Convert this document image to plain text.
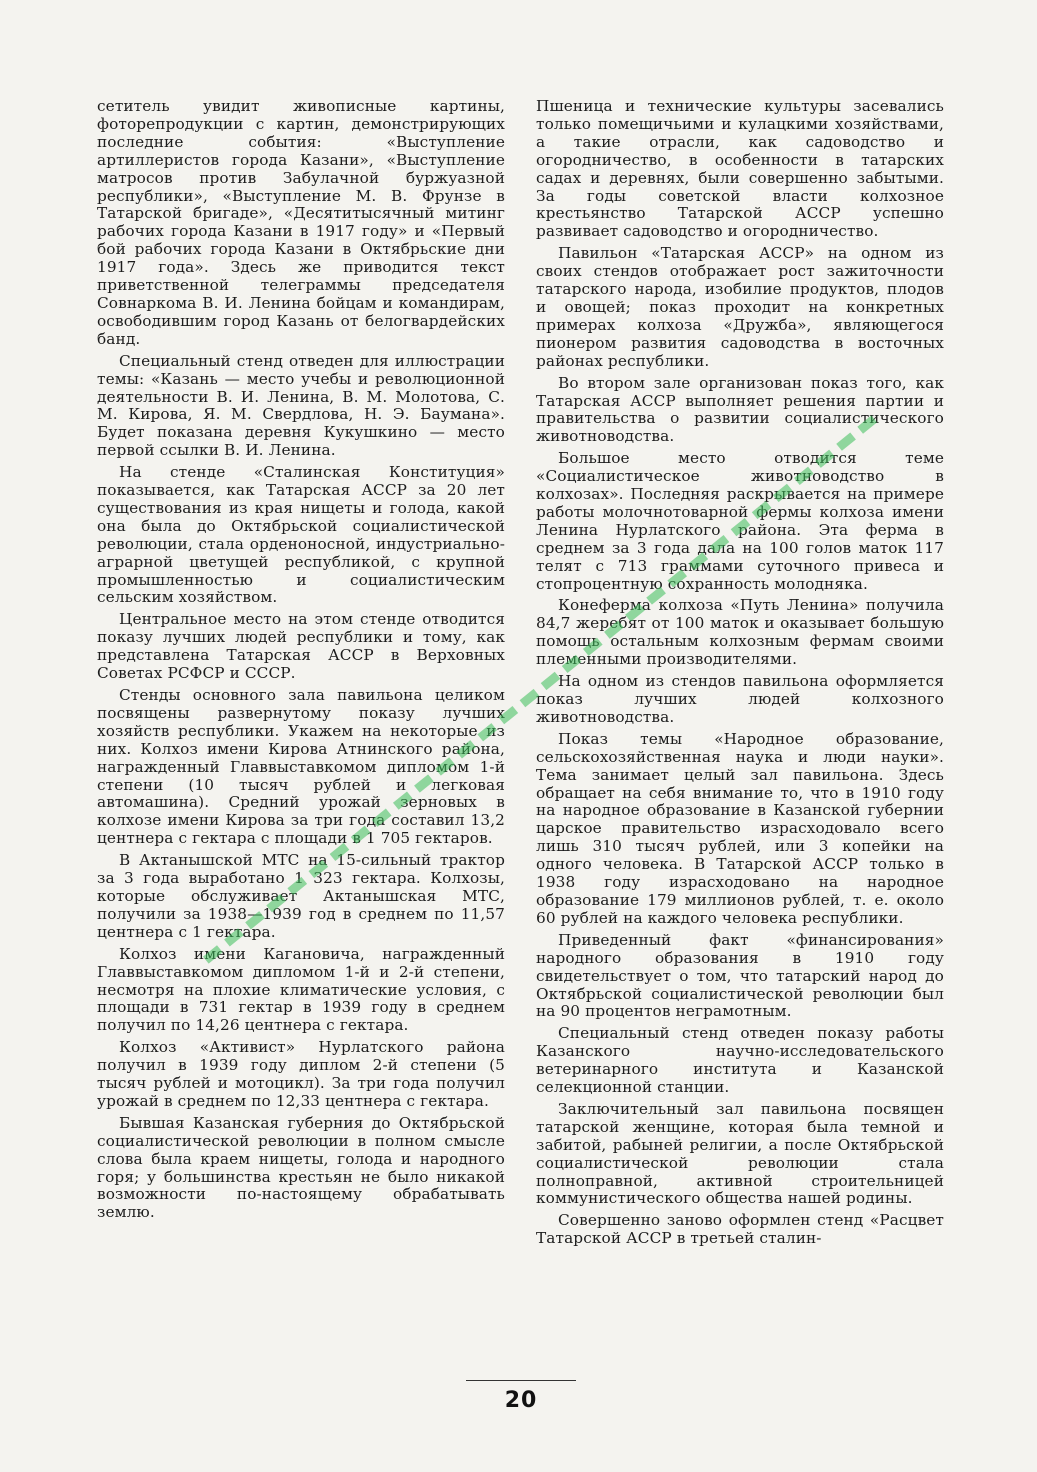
сетитель увидит живописные картины, фоторепродукции с картин, демонстрирующих последние события: «Выступление артиллеристов города Казани», «Выступление матросов против Забулачной буржуазной республики», «Выступление М. В. Фрунзе в Татарской бригаде», «Десятитысячный митинг рабочих города Казани в 1917 году» и «Первый бой рабочих города Казани в Октябрьские дни 1917 года». Здесь же приводится текст приветственной телеграммы председателя Совнаркома В. И. Ленина бойцам и командирам, освободившим город Казань от белогвардейских банд.

Специальный стенд отведен для иллюстрации темы: «Казань — место учебы и революционной деятельности В. И. Ленина, В. М. Молотова, С. М. Кирова, Я. М. Свердлова, Н. Э. Баумана». Будет показана деревня Кукушкино — место первой ссылки В. И. Ленина.

На стенде «Сталинская Конституция» показывается, как Татарская АССР за 20 лет существования из края нищеты и голода, какой она была до Октябрьской социалистической революции, стала орденоносной, индустриально-аграрной цветущей республикой, с крупной промышленностью и социалистическим сельским хозяйством.

Центральное место на этом стенде отводится показу лучших людей республики и тому, как представлена Татарская АССР в Верховных Советах РСФСР и СССР.

Стенды основного зала павильона целиком посвящены развернутому показу лучших хозяйств республики. Укажем на некоторые из них. Колхоз имени Кирова Атнинского района, награжденный Главвыставкомом дипломом 1-й степени (10 тысяч рублей и легковая автомашина). Средний урожай зерновых в колхозе имени Кирова за три года составил 13,2 центнера с гектара с площади в 1 705 гектаров.

В Актанышской МТС на 15-сильный трактор за 3 года выработано 1 323 гектара. Колхозы, которые обслуживает Актанышская МТС, получили за 1938—1939 год в среднем по 11,57 центнера с 1 гектара.

Колхоз имени Кагановича, награжденный Главвыставкомом дипломом 1-й и 2-й степени, несмотря на плохие климатические условия, с площади в 731 гектар в 1939 году в среднем получил по 14,26 центнера с гектара.

Колхоз «Активист» Нурлатского района получил в 1939 году диплом 2-й степени (5 тысяч рублей и мотоцикл). За три года получил урожай в среднем по 12,33 центнера с гектара.

Бывшая Казанская губерния до Октябрьской социалистической революции в полном смысле слова была краем нищеты, голода и народного горя; у большинства крестьян не было никакой возможности по-настоящему обрабатывать землю.

Пшеница и технические культуры засевались только помещичьими и кулацкими хозяйствами, а такие отрасли, как садоводство и огородничество, в особенности в татарских садах и деревнях, были совершенно забытыми. За годы советской власти колхозное крестьянство Татарской АССР успешно развивает садоводство и огородничество.

Павильон «Татарская АССР» на одном из своих стендов отображает рост зажиточности татарского народа, изобилие продуктов, плодов и овощей; показ проходит на конкретных примерах колхоза «Дружба», являющегося пионером развития садоводства в восточных районах республики.

Во втором зале организован показ того, как Татарская АССР выполняет решения партии и правительства о развитии социалистического животноводства.

Большое место отводится теме «Социалистическое животноводство в колхозах». Последняя раскрывается на примере работы молочнотоварной фермы колхоза имени Ленина Нурлатского района. Эта ферма в среднем за 3 года дала на 100 голов маток 117 телят с 713 граммами суточного привеса и стопроцентную сохранность молодняка.

Конеферма колхоза «Путь Ленина» получила 84,7 жеребят от 100 маток и оказывает большую помощь остальным колхозным фермам своими племенными производителями.

На одном из стендов павильона оформляется показ лучших людей колхозного животноводства.

Показ темы «Народное образование, сельскохозяйственная наука и люди науки». Тема занимает целый зал павильона. Здесь обращает на себя внимание то, что в 1910 году на народное образование в Казанской губернии царское правительство израсходовало всего лишь 310 тысяч рублей, или 3 копейки на одного человека. В Татарской АССР только в 1938 году израсходовано на народное образование 179 миллионов рублей, т. е. около 60 рублей на каждого человека республики.

Приведенный факт «финансирования» народного образования в 1910 году свидетельствует о том, что татарский народ до Октябрьской социалистической революции был на 90 процентов неграмотным.

Специальный стенд отведен показу работы Казанского научно-исследовательского ветеринарного института и Казанской селекционной станции.

Заключительный зал павильона посвящен татарской женщине, которая была темной и забитой, рабыней религии, а после Октябрьской социалистической революции стала полноправной, активной строительницей коммунистического общества нашей родины.

Совершенно заново оформлен стенд «Расцвет Татарской АССР в третьей сталин-

20
